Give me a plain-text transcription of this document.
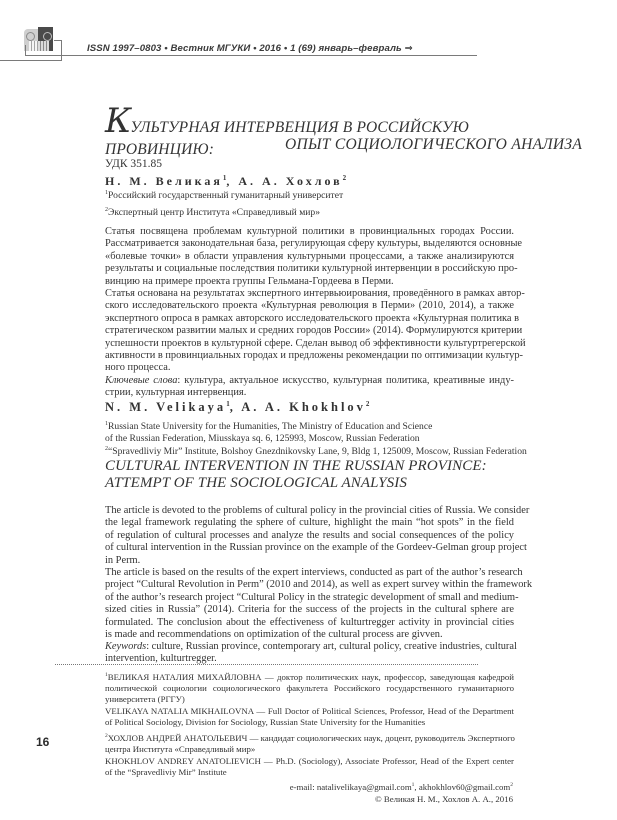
ISSN 1997–0803 • Вестник МГУКИ • 2016 • 1 (69) январь–февраль ⇒
КУЛЬТУРНАЯ ИНТЕРВЕНЦИЯ В РОССИЙСКУЮ ПРОВИНЦИЮ:	ОПЫТ СОЦИОЛОГИЧЕСКОГО АНАЛИЗА
УДК 351.85
Н. М. Великая$^1$, А. А. Хохлов$^2$
$^1$Российский государственный гуманитарный университет
$^2$Экспертный центр Института «Справедливый мир»
Статья посвящена проблемам культурной политики в провинциальных городах России.
Рассматривается законодательная база, регулирующая сферу культуры, выделяются основные
«болевые точки» в области управления культурными процессами, а также анализируются
результаты и социальные последствия политики культурной интервенции в российскую про-
винцию на примере проекта группы Гельмана-Гордеева в Перми.
Статья основана на результатах экспертного интервьюирования, проведённого в рамках автор-
ского исследовательского проекта «Культурная революция в Перми» (2010, 2014), а также
экспертного опроса в рамках авторского исследовательского проекта «Культурная политика в
стратегическом развитии малых и средних городов России» (2014). Формулируются критерии
успешности проектов в культурной сфере. Сделан вывод об эффективности культуртрегерской
активности в провинциальных городах и предложены рекомендации по оптимизации культур-
ного процесса.
Ключевые слова: культура, актуальное искусство, культурная политика, креативные инду-
стрии, культурная интервенция.
N. M. Velikaya$^1$, A. A. Khokhlov$^2$
$^1$Russian State University for the Humanities, The Ministry of Education and Science
of the Russian Federation, Miusskaya sq. 6, 125993, Moscow, Russian Federation
$^2$“Spravedliviy Mir” Institute, Bolshoy Gnezdnikovsky Lane, 9, Bldg 1, 125009, Moscow, Russian Federation
CULTURAL INTERVENTION IN THE RUSSIAN PROVINCE:
ATTEMPT OF THE SOCIOLOGICAL ANALYSIS
The article is devoted to the problems of cultural policy in the provincial cities of Russia. We consider
the legal framework regulating the sphere of culture, highlight the main “hot spots” in the field
of regulation of cultural processes and analyze the results and social consequences of the policy
of cultural intervention in the Russian province on the example of the Gordeev-Gelman group project
in Perm.
The article is based on the results of the expert interviews, conducted as part of the author’s research
project “Cultural Revolution in Perm” (2010 and 2014), as well as expert survey within the framework
of the author’s research project “Cultural Policy in the strategic development of small and medium-
sized cities in Russia” (2014). Criteria for the success of the projects in the cultural sphere are
formulated. The conclusion about the effectiveness of kulturtregger activity in provincial cities
is made and recommendations on optimization of the cultural process are givven.
Keywords: culture, Russian province, contemporary art, cultural policy, creative industries, cultural
intervention, kulturtregger.
$^1$ВЕЛИКАЯ НАТАЛИЯ МИХАЙЛОВНА — доктор политических наук, профессор, заведующая кафедрой
политической социологии социологического факультета Российского государственного гуманитарного
университета (РГГУ)
VELIKAYA NATALIA MIKHAILOVNA — Full Doctor of Political Sciences, Professor, Head of the Department
of Political Sociology, Division for Sociology, Russian State University for the Humanities
$^2$ХОХЛОВ АНДРЕЙ АНАТОЛЬЕВИЧ — кандидат социологических наук, доцент, руководитель Экспертного
центра Института «Справедливый мир»
KHOKHLOV ANDREY ANATOLIEVICH — Ph.D. (Sociology), Associate Professor, Head of the Expert center
of the “Spravedliviy Mir” Institute
e-mail: natalivelikaya@gmail.com$^1$, akhokhlov60@gmail.com$^2$
© Великая Н. М., Хохлов А. А., 2016
16
